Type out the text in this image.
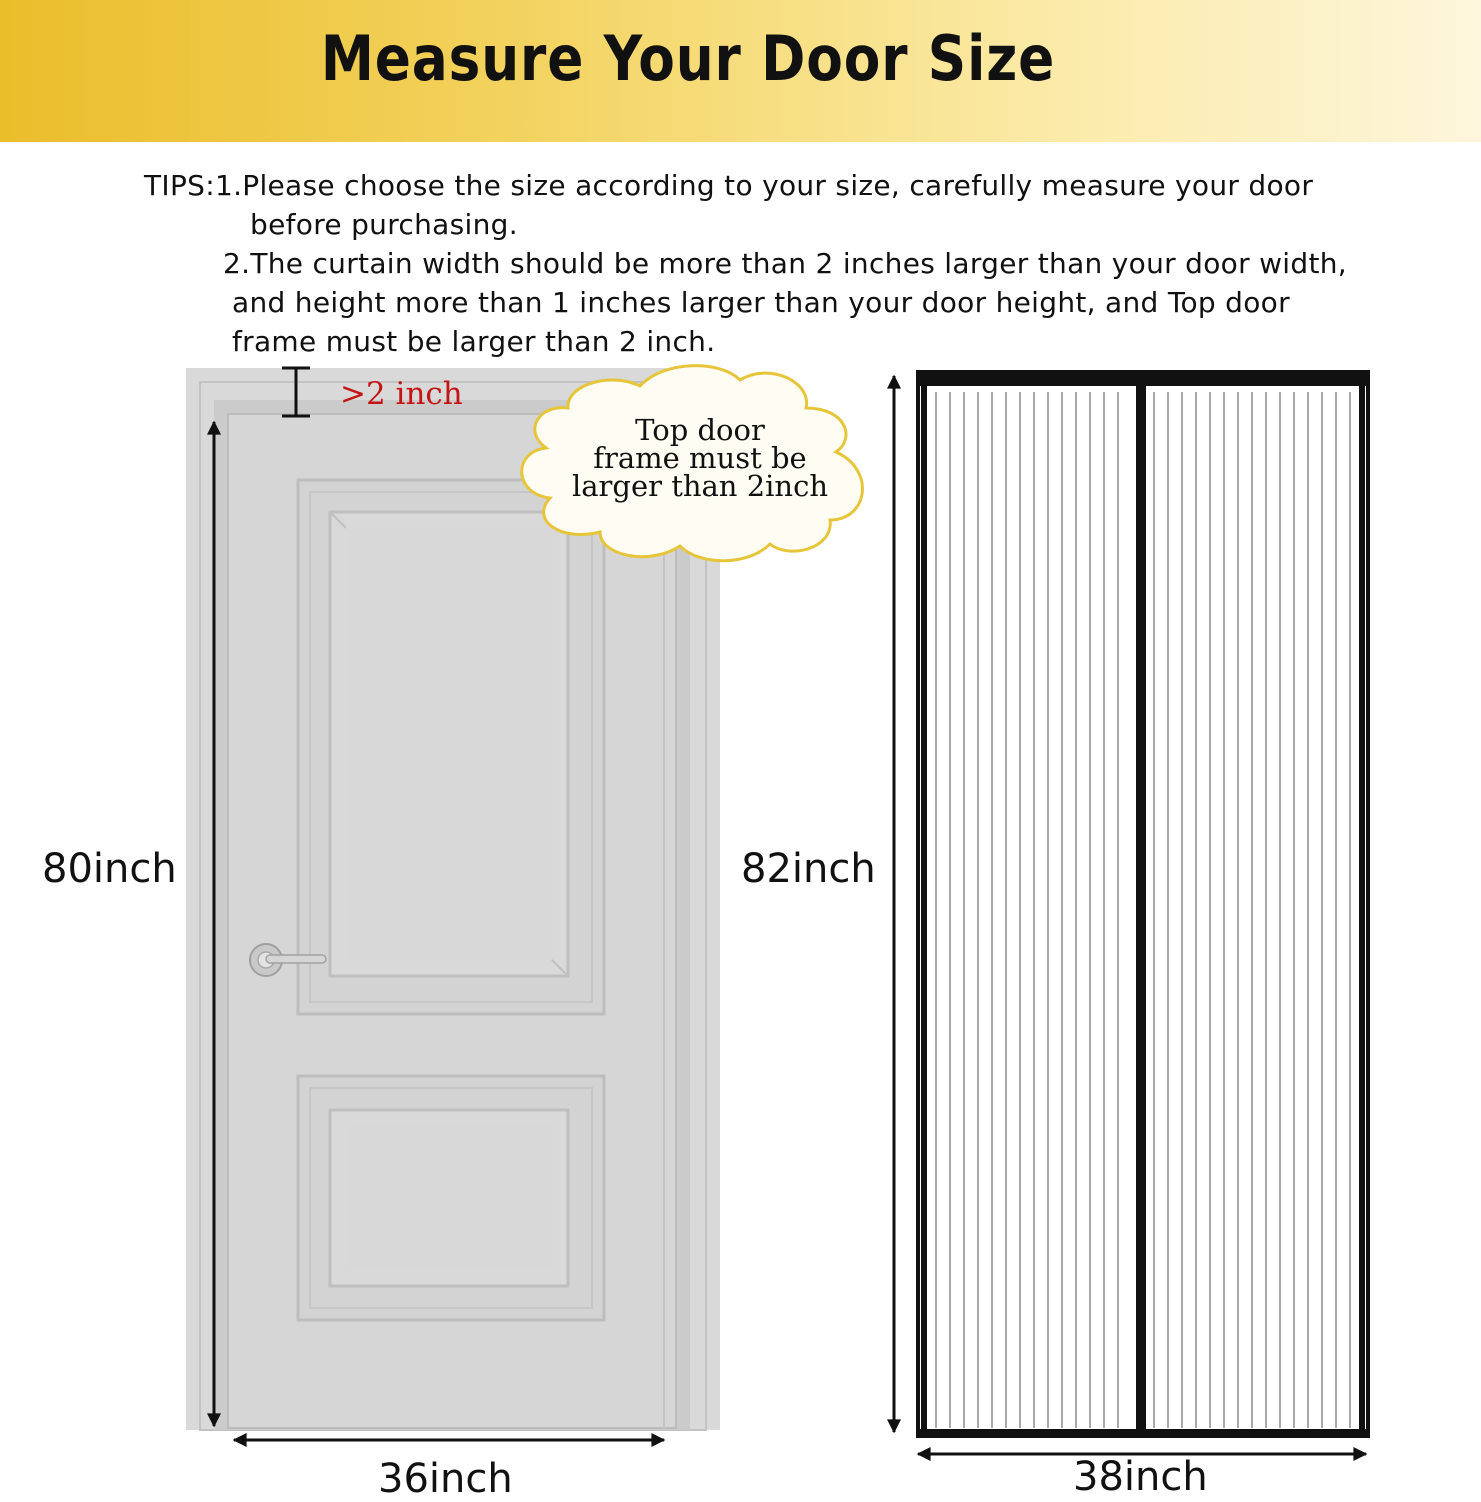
Measure Your Door Size
TIPS:1.Please choose the size according to your size, carefully measure your door
before purchasing.
2.The curtain width should be more than 2 inches larger than your door width,
and height more than 1 inches larger than your door height, and Top door
frame must be larger than 2 inch.
>2 inch
Top door
frame must be
larger than 2inch
80inch
36inch
82inch
38inch
